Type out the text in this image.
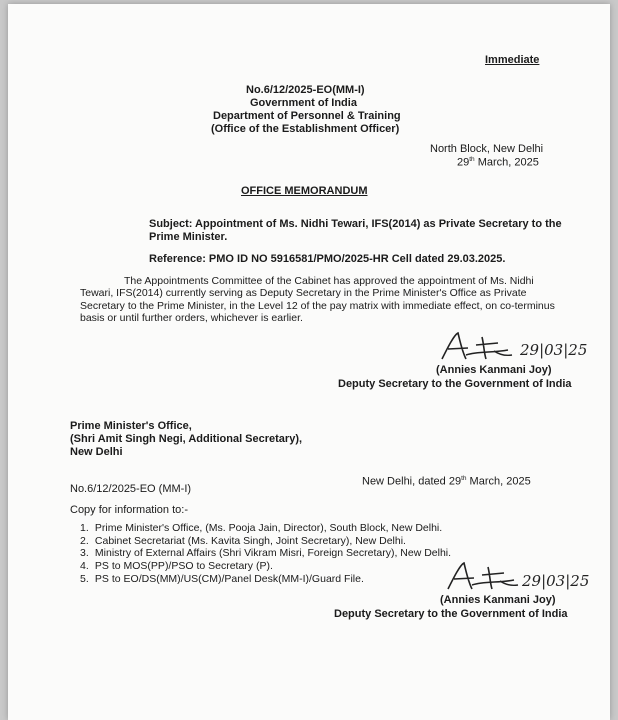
Immediate
No.6/12/2025-EO(MM-I)
Government of India
Department of Personnel & Training
(Office of the Establishment Officer)
North Block, New Delhi
29th March, 2025
OFFICE MEMORANDUM
Subject: Appointment of Ms. Nidhi Tewari, IFS(2014) as Private Secretary to the
Prime Minister.
Reference: PMO ID NO 5916581/PMO/2025-HR Cell dated 29.03.2025.
The Appointments Committee of the Cabinet has approved the appointment of Ms. Nidhi Tewari, IFS(2014) currently serving as Deputy Secretary in the Prime Minister's Office as Private Secretary to the Prime Minister, in the Level 12 of the pay matrix with immediate effect, on co-terminus basis or until further orders, whichever is earlier.
29|03|25
(Annies Kanmani Joy)
Deputy Secretary to the Government of India
Prime Minister's Office,
(Shri Amit Singh Negi, Additional Secretary),
New Delhi
No.6/12/2025-EO (MM-I)
New Delhi, dated 29th March, 2025
Copy for information to:-
1. Prime Minister's Office, (Ms. Pooja Jain, Director), South Block, New Delhi.
2. Cabinet Secretariat (Ms. Kavita Singh, Joint Secretary), New Delhi.
3. Ministry of External Affairs (Shri Vikram Misri, Foreign Secretary), New Delhi.
4. PS to MOS(PP)/PSO to Secretary (P).
5. PS to EO/DS(MM)/US(CM)/Panel Desk(MM-I)/Guard File.	29|03|25
(Annies Kanmani Joy)
Deputy Secretary to the Government of India
